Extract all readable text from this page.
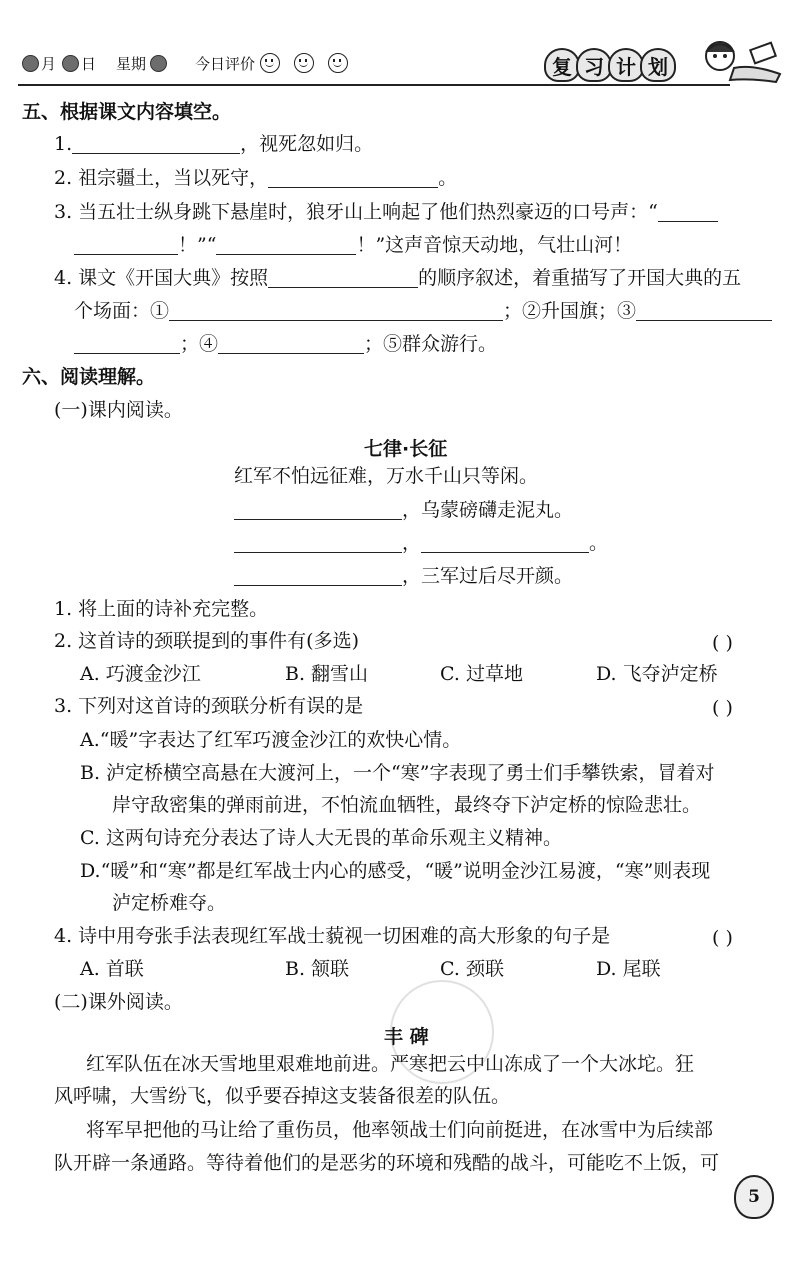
月 日 星期	今日评价	复 习 计 划
五、根据课文内容填空。
1.	，视死忽如归。
2. 祖宗疆土，当以死守，	。
3. 当五壮士纵身跳下悬崖时，狼牙山上响起了他们热烈豪迈的口号声：“
！”“	！”这声音惊天动地，气壮山河！
4. 课文《开国大典》按照	的顺序叙述，着重描写了开国大典的五
个场面：①	；②升国旗；③
；④	；⑤群众游行。
六、阅读理解。
(一)课内阅读。
七律·长征
红军不怕远征难，万水千山只等闲。
，乌蒙磅礴走泥丸。
，	。
，三军过后尽开颜。
1. 将上面的诗补充完整。
2. 这首诗的颈联提到的事件有(多选)	( )
A. 巧渡金沙江	B. 翻雪山	C. 过草地	D. 飞夺泸定桥
3. 下列对这首诗的颈联分析有误的是	( )
A.“暖”字表达了红军巧渡金沙江的欢快心情。
B. 泸定桥横空高悬在大渡河上，一个“寒”字表现了勇士们手攀铁索，冒着对
岸守敌密集的弹雨前进，不怕流血牺牲，最终夺下泸定桥的惊险悲壮。
C. 这两句诗充分表达了诗人大无畏的革命乐观主义精神。
D.“暖”和“寒”都是红军战士内心的感受，“暖”说明金沙江易渡，“寒”则表现
泸定桥难夺。
4. 诗中用夸张手法表现红军战士藐视一切困难的高大形象的句子是	( )
A. 首联	B. 颔联	C. 颈联	D. 尾联
(二)课外阅读。
丰 碑
红军队伍在冰天雪地里艰难地前进。严寒把云中山冻成了一个大冰坨。狂
风呼啸，大雪纷飞，似乎要吞掉这支装备很差的队伍。
将军早把他的马让给了重伤员，他率领战士们向前挺进，在冰雪中为后续部
队开辟一条通路。等待着他们的是恶劣的环境和残酷的战斗，可能吃不上饭，可
5
